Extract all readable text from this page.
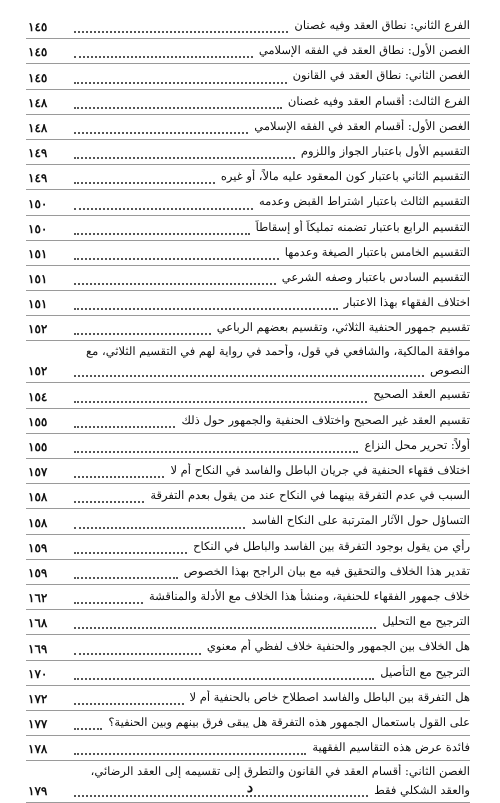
الفرع الثاني: نطاق العقد وفيه غصنان
١٤٥
الغصن الأول: نطاق العقد في الفقه الإسلامي
١٤٥
الغصن الثاني: نطاق العقد في القانون
١٤٥
الفرع الثالث: أقسام العقد وفيه غصنان
١٤٨
الغصن الأول: أقسام العقد في الفقه الإسلامي
١٤٨
التقسيم الأول باعتبار الجواز واللزوم
١٤٩
التقسيم الثاني باعتبار كون المعقود عليه مالاً، أو غيره
١٤٩
التقسيم الثالث باعتبار اشتراط القبض وعدمه
١٥٠
التقسيم الرابع باعتبار تضمنه تمليكاً أو إسقاطاً
١٥٠
التقسيم الخامس باعتبار الصيغة وعدمها
١٥١
التقسيم السادس باعتبار وصفه الشرعي
١٥١
اختلاف الفقهاء بهذا الاعتبار
١٥١
تقسيم جمهور الحنفية الثلاثي، وتقسيم بعضهم الرباعي
١٥٢
موافقة المالكية، والشافعي في قول، وأحمد في رواية لهم في التقسيم الثلاثي، مع
النصوص
١٥٢
تقسيم العقد الصحيح
١٥٤
تقسيم العقد غير الصحيح واختلاف الحنفية والجمهور حول ذلك
١٥٥
أولاً: تحرير محل النزاع
١٥٥
اختلاف فقهاء الحنفية في جريان الباطل والفاسد في النكاح أم لا
١٥٧
السبب في عدم التفرقة بينهما في النكاح عند من يقول بعدم التفرقة
١٥٨
التساؤل حول الآثار المترتبة على النكاح الفاسد
١٥٨
رأي من يقول بوجود التفرقة بين الفاسد والباطل في النكاح
١٥٩
تقدير هذا الخلاف والتحقيق فيه مع بيان الراجح بهذا الخصوص
١٥٩
خلاف جمهور الفقهاء للحنفية، ومنشأ هذا الخلاف مع الأدلة والمناقشة
١٦٢
الترجيح مع التحليل
١٦٨
هل الخلاف بين الجمهور والحنفية خلاف لفظي أم معنوي
١٦٩
الترجيح مع التأصيل
١٧٠
هل التفرقة بين الباطل والفاسد اصطلاح خاص بالحنفية أم لا
١٧٢
على القول باستعمال الجمهور هذه التفرقة هل يبقى فرق بينهم وبين الحنفية؟
١٧٧
فائدة عرض هذه التقاسيم الفقهية
١٧٨
الغصن الثاني: أقسام العقد في القانون والتطرق إلى تقسيمه إلى العقد الرضائي،
والعقد الشكلي فقط
١٧٩	د
